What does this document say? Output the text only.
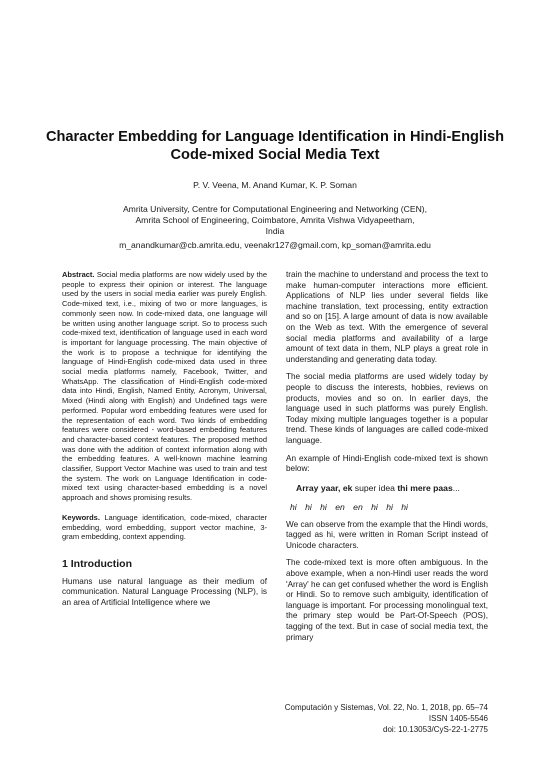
Character Embedding for Language Identification in Hindi-English Code-mixed Social Media Text
P. V. Veena, M. Anand Kumar, K. P. Soman
Amrita University, Centre for Computational Engineering and Networking (CEN),
Amrita School of Engineering, Coimbatore, Amrita Vishwa Vidyapeetham,
India
m_anandkumar@cb.amrita.edu, veenakr127@gmail.com, kp_soman@amrita.edu

Abstract. Social media platforms are now widely used by the people to express their opinion or interest. The language used by the users in social media earlier was purely English. Code-mixed text, i.e., mixing of two or more languages, is commonly seen now. In code-mixed data, one language will be written using another language script. So to process such code-mixed text, identification of language used in each word is important for language processing. The main objective of the work is to propose a technique for identifying the language of Hindi-English code-mixed data used in three social media platforms namely, Facebook, Twitter, and WhatsApp. The classification of Hindi-English code-mixed data into Hindi, English, Named Entity, Acronym, Universal, Mixed (Hindi along with English) and Undefined tags were performed. Popular word embedding features were used for the representation of each word. Two kinds of embedding features were considered - word-based embedding features and character-based context features. The proposed method was done with the addition of context information along with the embedding features. A well-known machine learning classifier, Support Vector Machine was used to train and test the system. The work on Language Identification in code-mixed text using character-based embedding is a novel approach and shows promising results.

Keywords. Language identification, code-mixed, character embedding, word embedding, support vector machine, 3-gram embedding, context appending.

1 Introduction

Humans use natural language as their medium of communication. Natural Language Processing (NLP), is an area of Artificial Intelligence where we

train the machine to understand and process the text to make human-computer interactions more efficient. Applications of NLP lies under several fields like machine translation, text processing, entity extraction and so on [15]. A large amount of data is now available on the Web as text. With the emergence of several social media platforms and availability of a large amount of text data in them, NLP plays a great role in understanding and generating data today.

The social media platforms are used widely today by people to discuss the interests, hobbies, reviews on products, movies and so on. In earlier days, the language used in such platforms was purely English. Today mixing multiple languages together is a popular trend. These kinds of languages are called code-mixed language.

An example of Hindi-English code-mixed text is shown below:

Array yaar, ek super idea thi mere paas...

hi hi hi en en hi hi hi

We can observe from the example that the Hindi words, tagged as hi, were written in Roman Script instead of Unicode characters.

The code-mixed text is more often ambiguous. In the above example, when a non-Hindi user reads the word 'Array' he can get confused whether the word is English or Hindi. So to remove such ambiguity, identification of language is important. For processing monolingual text, the primary step would be Part-Of-Speech (POS), tagging of the text. But in case of social media text, the primary

Computación y Sistemas, Vol. 22, No. 1, 2018, pp. 65–74
ISSN 1405-5546
doi: 10.13053/CyS-22-1-2775
